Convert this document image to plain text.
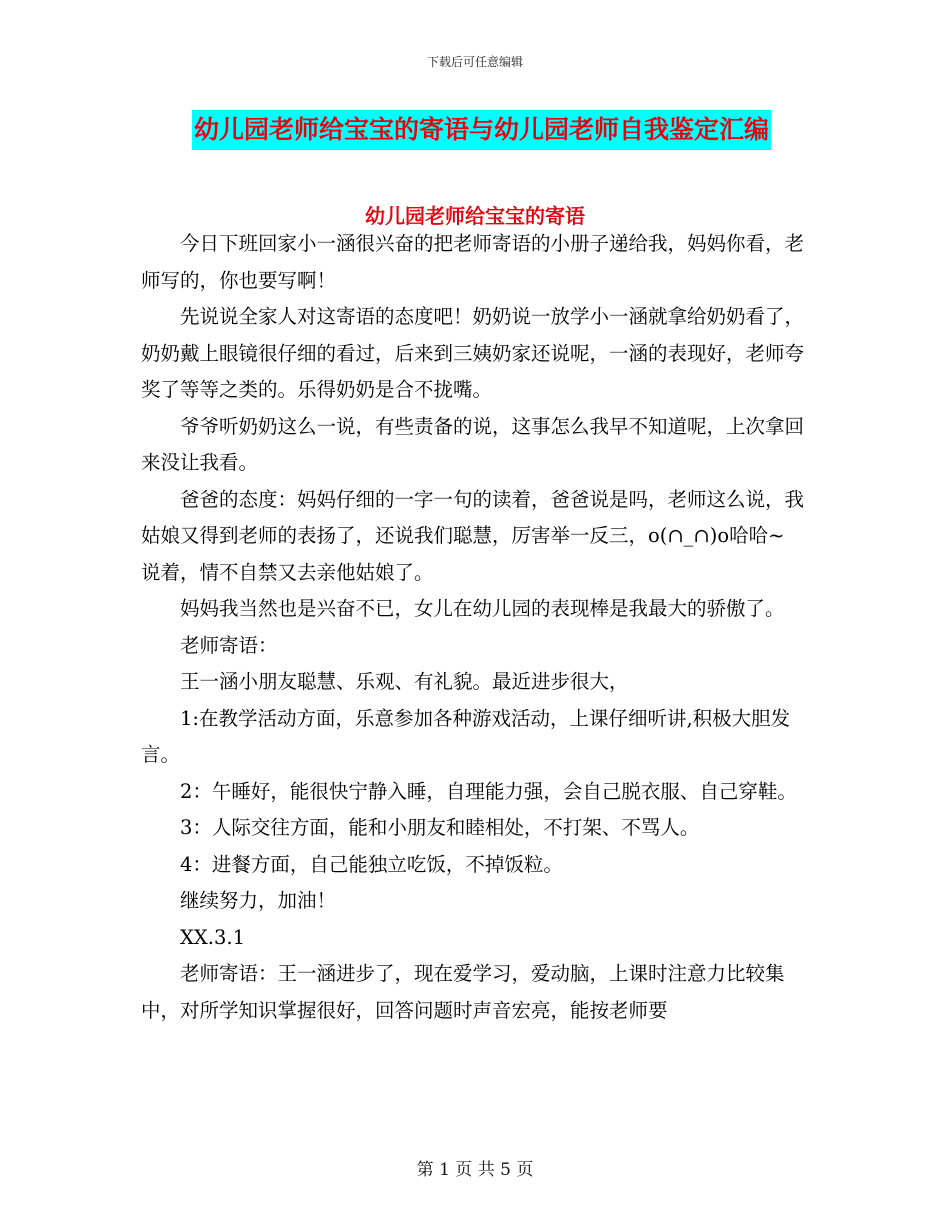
下载后可任意编辑
幼儿园老师给宝宝的寄语与幼儿园老师自我鉴定汇编
幼儿园老师给宝宝的寄语

今日下班回家小一涵很兴奋的把老师寄语的小册子递给我，妈妈你看，老师写的，你也要写啊！

先说说全家人对这寄语的态度吧！奶奶说一放学小一涵就拿给奶奶看了，奶奶戴上眼镜很仔细的看过，后来到三姨奶家还说呢，一涵的表现好，老师夸奖了等等之类的。乐得奶奶是合不拢嘴。

爷爷听奶奶这么一说，有些责备的说，这事怎么我早不知道呢，上次拿回来没让我看。

爸爸的态度：妈妈仔细的一字一句的读着，爸爸说是吗，老师这么说，我姑娘又得到老师的表扬了，还说我们聪慧，厉害举一反三，o(∩_∩)o哈哈~ 说着，情不自禁又去亲他姑娘了。

妈妈我当然也是兴奋不已，女儿在幼儿园的表现棒是我最大的骄傲了。

老师寄语：

王一涵小朋友聪慧、乐观、有礼貌。最近进步很大，

1:在教学活动方面，乐意参加各种游戏活动，上课仔细听讲,积极大胆发言。

2：午睡好，能很快宁静入睡，自理能力强，会自己脱衣服、自己穿鞋。

3：人际交往方面，能和小朋友和睦相处，不打架、不骂人。

4：进餐方面，自己能独立吃饭，不掉饭粒。

继续努力，加油！

XX.3.1

老师寄语：王一涵进步了，现在爱学习，爱动脑，上课时注意力比较集中，对所学知识掌握很好，回答问题时声音宏亮，能按老师要

第 1 页 共 5 页
